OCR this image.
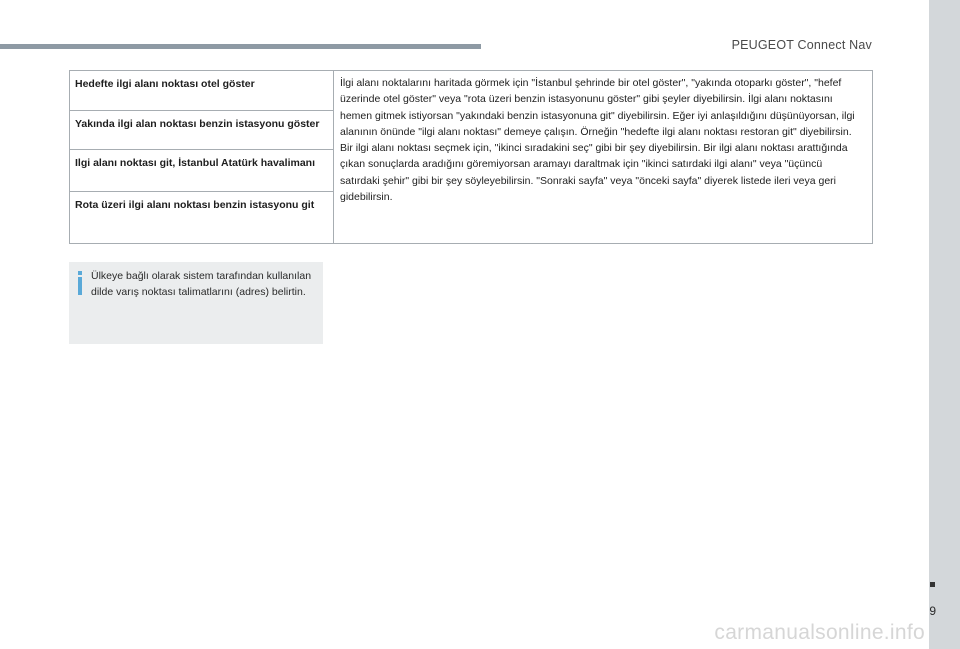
PEUGEOT Connect Nav
9
Hedefte ilgi alanı noktası otel göster
Yakında ilgi alan noktası benzin istasyonu göster
Ilgi alanı noktası git, İstanbul Atatürk havalimanı
Rota üzeri ilgi alanı noktası benzin istasyonu git

İlgi alanı noktalarını haritada görmek için "İstanbul şehrinde bir otel göster", "yakında otoparkı göster", "hefef üzerinde otel göster" veya "rota üzeri benzin istasyonunu göster" gibi şeyler diyebilirsin. İlgi alanı noktasını hemen gitmek istiyorsan "yakındaki benzin istasyonuna git" diyebilirsin. Eğer iyi anlaşıldığını düşünüyorsan, ilgi alanının önünde "ilgi alanı noktası" demeye çalışın. Örneğin "hedefte ilgi alanı noktası restoran git" diyebilirsin.

Bir ilgi alanı noktası seçmek için, "ikinci sıradakini seç" gibi bir şey diyebilirsin. Bir ilgi alanı noktası arattığında çıkan sonuçlarda aradığını göremiyorsan aramayı daraltmak için "ikinci satırdaki ilgi alanı" veya "üçüncü satırdaki şehir" gibi bir şey söyleyebilirsin. "Sonraki sayfa" veya "önceki sayfa" diyerek listede ileri veya geri gidebilirsin.

Ülkeye bağlı olarak sistem tarafından kullanılan dilde varış noktası talimatlarını (adres) belirtin.
carmanualsonline.info
